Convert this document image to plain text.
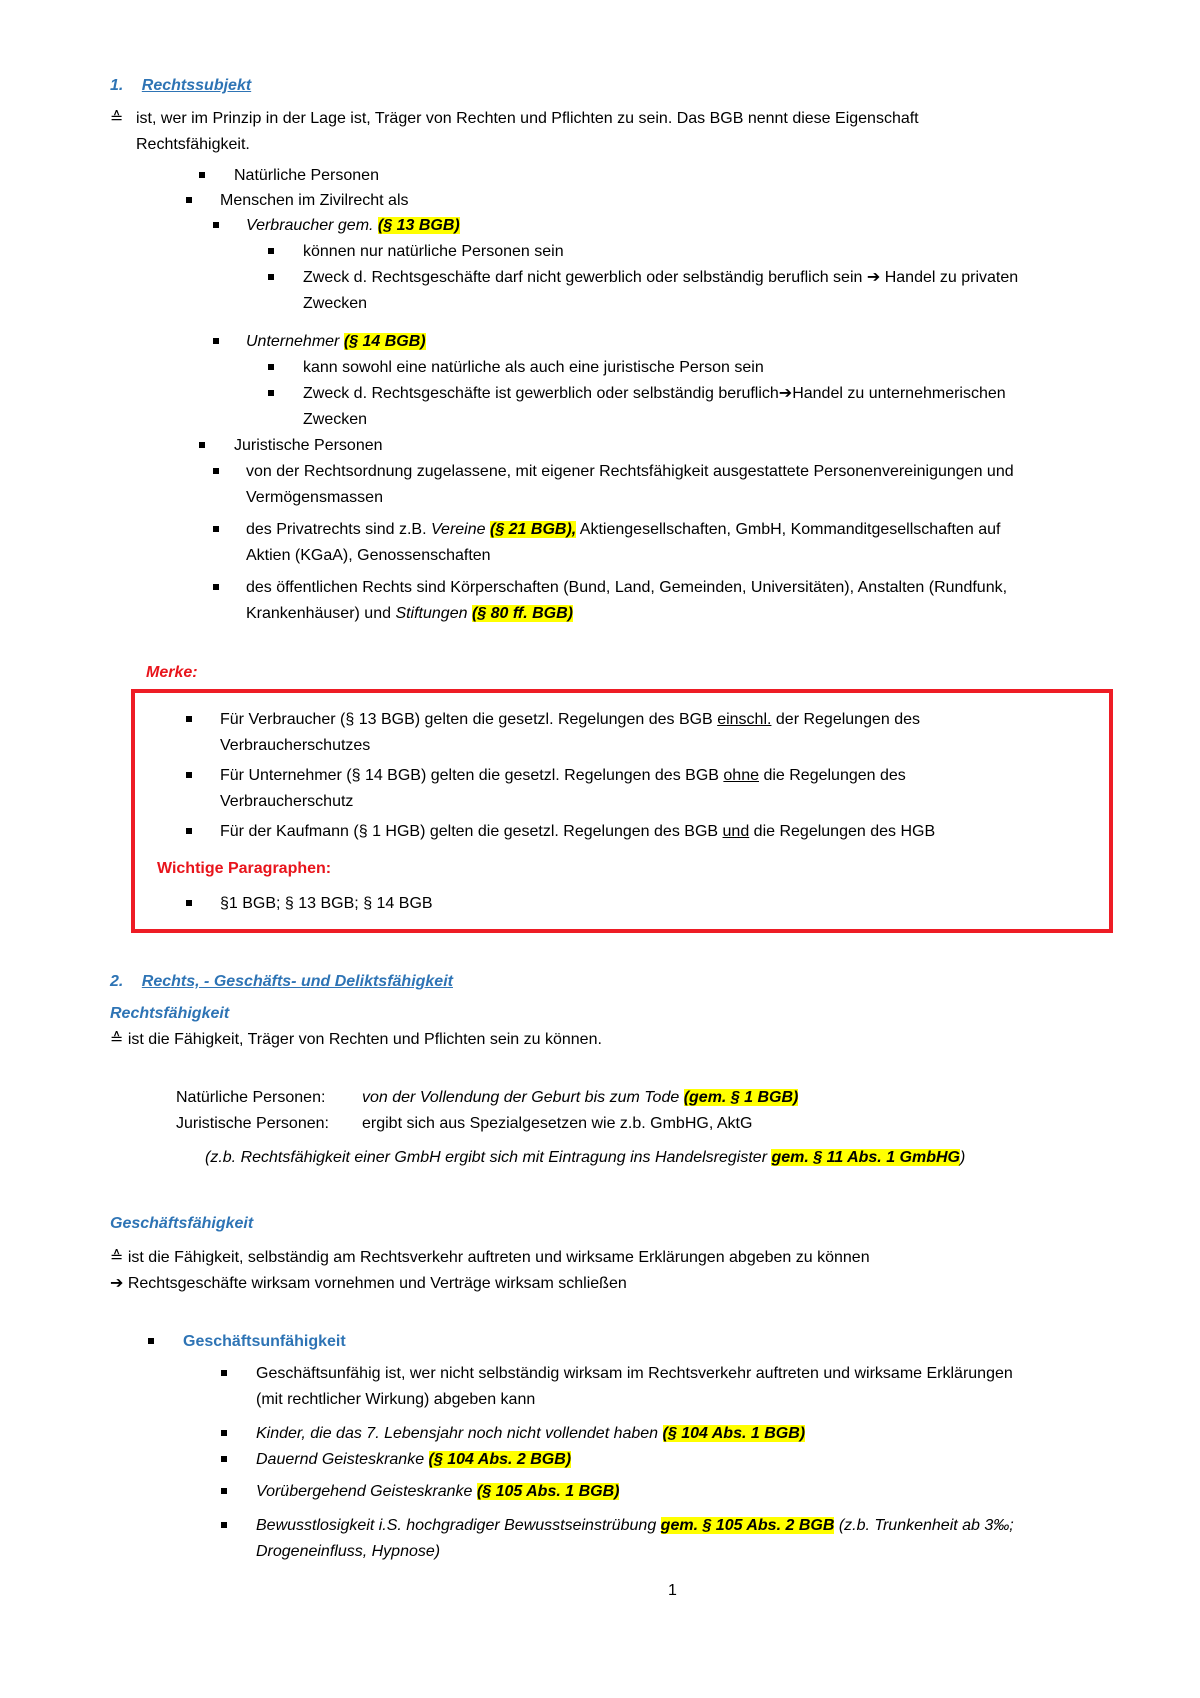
1. Rechtssubjekt
≙ ist, wer im Prinzip in der Lage ist, Träger von Rechten und Pflichten zu sein. Das BGB nennt diese Eigenschaft
Rechtsfähigkeit.
Natürliche Personen
Menschen im Zivilrecht als
Verbraucher gem. (§ 13 BGB)
können nur natürliche Personen sein
Zweck d. Rechtsgeschäfte darf nicht gewerblich oder selbständig beruflich sein ➔ Handel zu privaten
Zwecken
Unternehmer (§ 14 BGB)
kann sowohl eine natürliche als auch eine juristische Person sein
Zweck d. Rechtsgeschäfte ist gewerblich oder selbständig beruflich➔Handel zu unternehmerischen
Zwecken
Juristische Personen
von der Rechtsordnung zugelassene, mit eigener Rechtsfähigkeit ausgestattete Personenvereinigungen und
Vermögensmassen
des Privatrechts sind z.B. Vereine (§ 21 BGB), Aktiengesellschaften, GmbH, Kommanditgesellschaften auf
Aktien (KGaA), Genossenschaften
des öffentlichen Rechts sind Körperschaften (Bund, Land, Gemeinden, Universitäten), Anstalten (Rundfunk,
Krankenhäuser) und Stiftungen (§ 80 ff. BGB)
Merke:
Für Verbraucher (§ 13 BGB) gelten die gesetzl. Regelungen des BGB einschl. der Regelungen des
Verbraucherschutzes
Für Unternehmer (§ 14 BGB) gelten die gesetzl. Regelungen des BGB ohne die Regelungen des
Verbraucherschutz
Für der Kaufmann (§ 1 HGB) gelten die gesetzl. Regelungen des BGB und die Regelungen des HGB
Wichtige Paragraphen:
§1 BGB; § 13 BGB; § 14 BGB
2. Rechts, - Geschäfts- und Deliktsfähigkeit
Rechtsfähigkeit
≙ ist die Fähigkeit, Träger von Rechten und Pflichten sein zu können.
Natürliche Personen: von der Vollendung der Geburt bis zum Tode (gem. § 1 BGB)
Juristische Personen: ergibt sich aus Spezialgesetzen wie z.b. GmbHG, AktG
(z.b. Rechtsfähigkeit einer GmbH ergibt sich mit Eintragung ins Handelsregister gem. § 11 Abs. 1 GmbHG)
Geschäftsfähigkeit
≙ ist die Fähigkeit, selbständig am Rechtsverkehr auftreten und wirksame Erklärungen abgeben zu können
➔ Rechtsgeschäfte wirksam vornehmen und Verträge wirksam schließen
Geschäftsunfähigkeit
Geschäftsunfähig ist, wer nicht selbständig wirksam im Rechtsverkehr auftreten und wirksame Erklärungen
(mit rechtlicher Wirkung) abgeben kann
Kinder, die das 7. Lebensjahr noch nicht vollendet haben (§ 104 Abs. 1 BGB)
Dauernd Geisteskranke (§ 104 Abs. 2 BGB)
Vorübergehend Geisteskranke (§ 105 Abs. 1 BGB)
Bewusstlosigkeit i.S. hochgradiger Bewusstseinstrübung gem. § 105 Abs. 2 BGB (z.b. Trunkenheit ab 3‰;
Drogeneinfluss, Hypnose)
1
